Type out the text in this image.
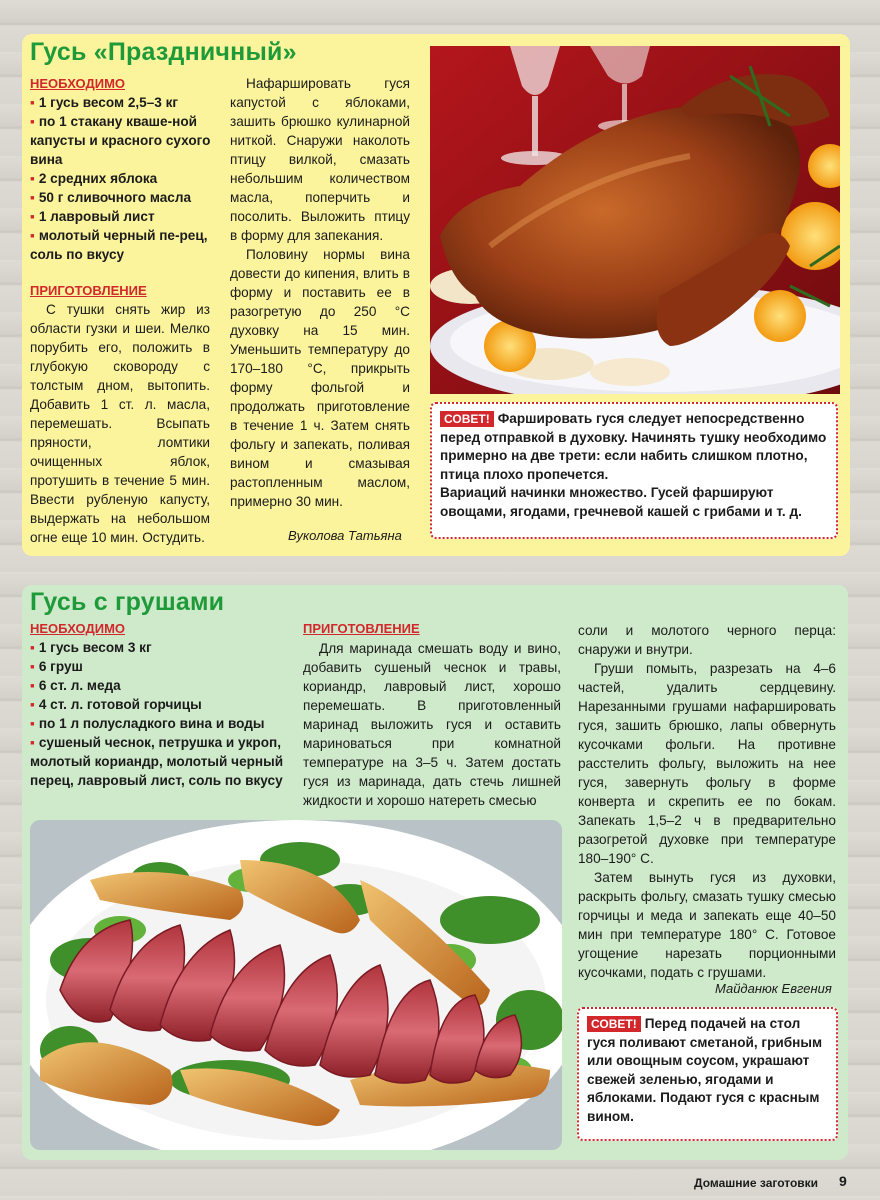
Гусь «Праздничный»
НЕОБХОДИМО
▪ 1 гусь весом 2,5–3 кг
▪ по 1 стакану кваше-ной капусты и красного сухого вина
▪ 2 средних яблока
▪ 50 г сливочного масла
▪ 1 лавровый лист
▪ молотый черный пе-рец, соль по вкусу
ПРИГОТОВЛЕНИЕ

С тушки снять жир из области гузки и шеи. Мелко порубить его, положить в глубокую сковороду с толстым дном, вытопить. Добавить 1 ст. л. масла, перемешать. Всыпать пряности, ломтики очищенных яблок, протушить в течение 5 мин. Ввести рубленую капусту, выдержать на небольшом огне еще 10 мин. Остудить.

Нафаршировать гуся капустой с яблоками, зашить брюшко кулинарной ниткой. Снаружи наколоть птицу вилкой, смазать небольшим количеством масла, поперчить и посолить. Выложить птицу в форму для запекания.

Половину нормы вина довести до кипения, влить в форму и поставить ее в разогретую до 250 °С духовку на 15 мин. Уменьшить температуру до 170–180 °С, прикрыть форму фольгой и продолжать приготовление в течение 1 ч. Затем снять фольгу и запекать, поливая вином и смазывая растопленным маслом, примерно 30 мин.

Вуколова Татьяна

СОВЕТ! Фаршировать гуся следует непосредственно перед отправкой в духовку. Начинять тушку необходимо примерно на две трети: если набить слишком плотно, птица плохо пропечется.

Вариаций начинки множество. Гусей фаршируют овощами, ягодами, гречневой кашей с грибами и т. д.

Гусь с грушами
НЕОБХОДИМО
▪ 1 гусь весом 3 кг
▪ 6 груш
▪ 6 ст. л. меда
▪ 4 ст. л. готовой горчицы
▪ по 1 л полусладкого вина и воды
▪ сушеный чеснок, петрушка и укроп, молотый кориандр, молотый черный перец, лавровый лист, соль по вкусу
ПРИГОТОВЛЕНИЕ

Для маринада смешать воду и вино, добавить сушеный чеснок и травы, кориандр, лавровый лист, хорошо перемешать. В приготовленный маринад выложить гуся и оставить мариноваться при комнатной температуре на 3–5 ч. Затем достать гуся из маринада, дать стечь лишней жидкости и хорошо натереть смесью

соли и молотого черного перца: снаружи и внутри.

Груши помыть, разрезать на 4–6 частей, удалить сердцевину. Нарезанными грушами нафаршировать гуся, зашить брюшко, лапы обвернуть кусочками фольги. На противне расстелить фольгу, выложить на нее гуся, завернуть фольгу в форме конверта и скрепить ее по бокам. Запекать 1,5–2 ч в предварительно разогретой духовке при температуре 180–190° С.

Затем вынуть гуся из духовки, раскрыть фольгу, смазать тушку смесью горчицы и меда и запекать еще 40–50 мин при температуре 180° С. Готовое угощение нарезать порционными кусочками, подать с грушами.

Майданюк Евгения

СОВЕТ! Перед подачей на стол гуся поливают сметаной, грибным или овощным соусом, украшают свежей зеленью, ягодами и яблоками. Подают гуся с красным вином.

Домашние заготовки 9
